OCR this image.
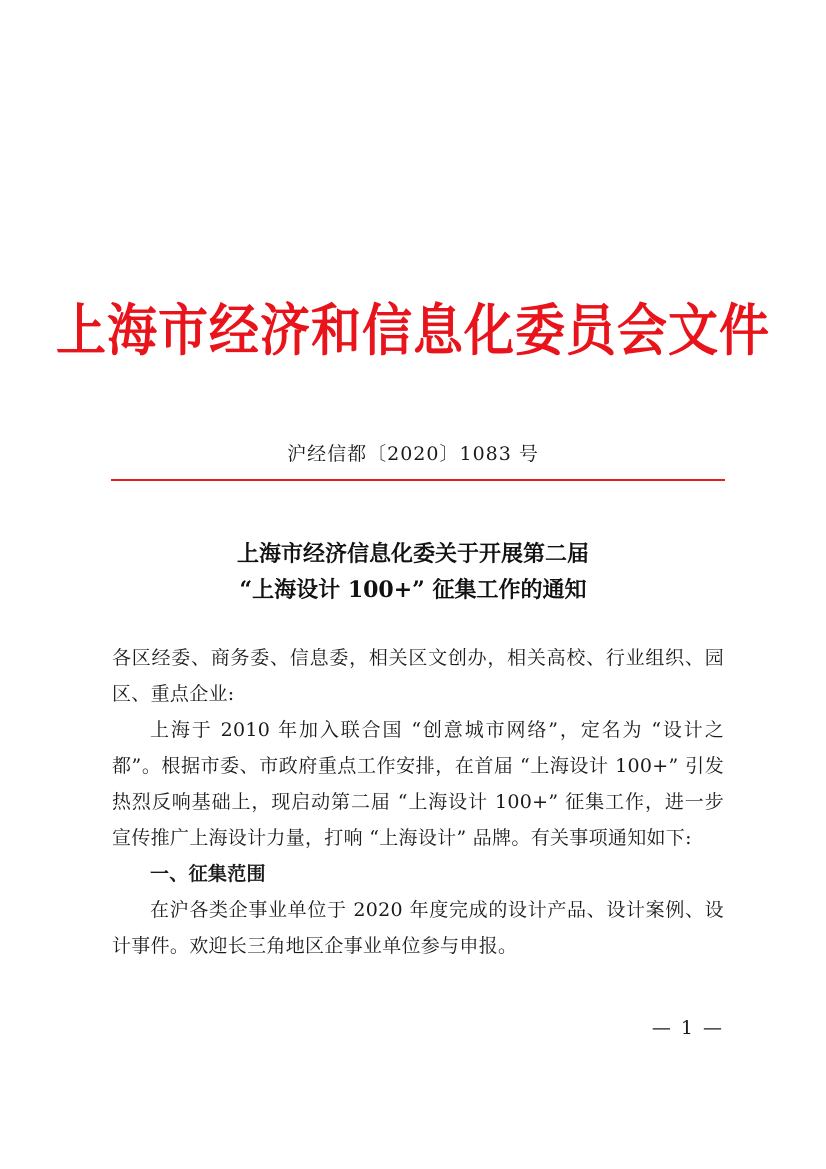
上海市经济和信息化委员会文件
沪经信都〔2020〕1083 号
上海市经济信息化委关于开展第二届
“上海设计 100+” 征集工作的通知

各区经委、商务委、信息委，相关区文创办，相关高校、行业组织、园区、重点企业:

上海于 2010 年加入联合国 “创意城市网络”，定名为 “设计之都”。根据市委、市政府重点工作安排，在首届 “上海设计 100+” 引发热烈反响基础上，现启动第二届 “上海设计 100+” 征集工作，进一步宣传推广上海设计力量，打响 “上海设计” 品牌。有关事项通知如下:

一、征集范围

在沪各类企事业单位于 2020 年度完成的设计产品、设计案例、设计事件。欢迎长三角地区企事业单位参与申报。

— 1 —
